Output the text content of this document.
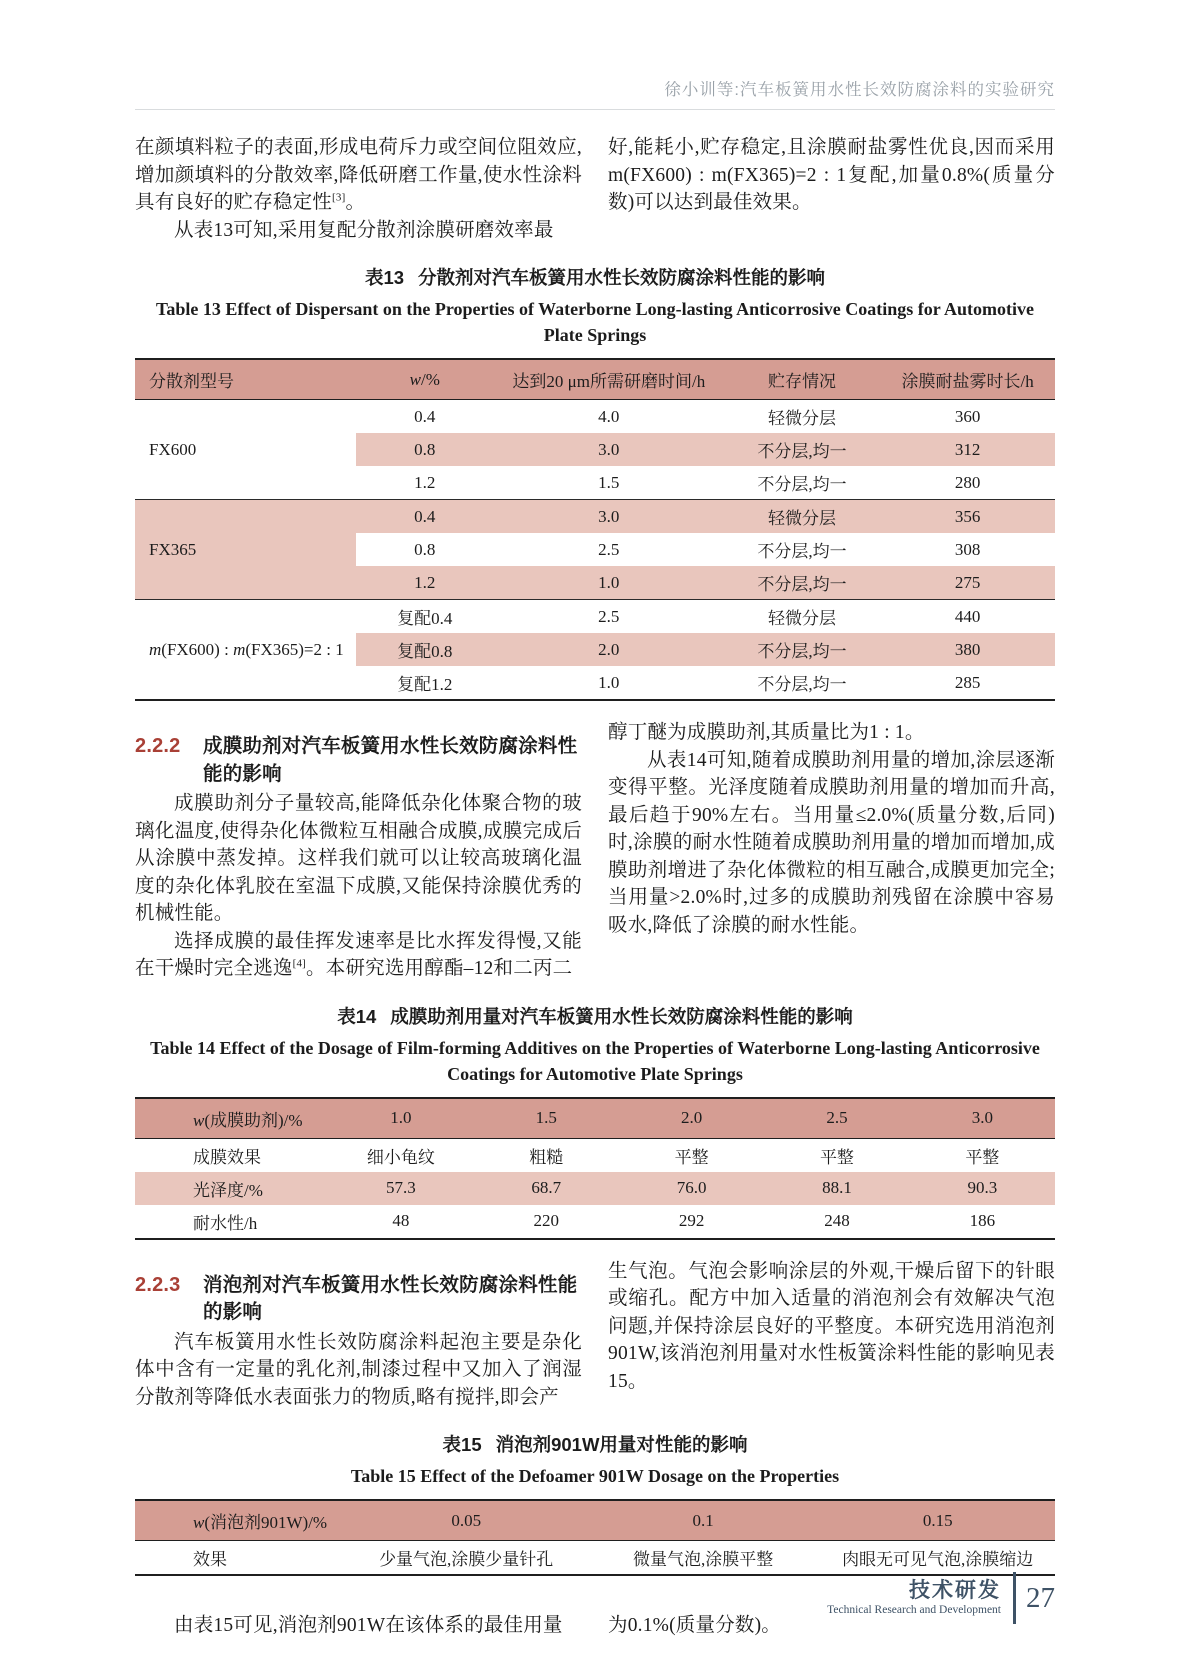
徐小训等:汽车板簧用水性长效防腐涂料的实验研究

在颜填料粒子的表面,形成电荷斥力或空间位阻效应,增加颜填料的分散效率,降低研磨工作量,使水性涂料具有良好的贮存稳定性[3]。

从表13可知,采用复配分散剂涂膜研磨效率最

好,能耗小,贮存稳定,且涂膜耐盐雾性优良,因而采用m(FX600) : m(FX365)=2 : 1复配,加量0.8%(质量分数)可以达到最佳效果。

表13 分散剂对汽车板簧用水性长效防腐涂料性能的影响

Table 13 Effect of Dispersant on the Properties of Waterborne Long-lasting Anticorrosive Coatings for Automotive Plate Springs

分散剂型号	w/%	达到20 μm所需研磨时间/h	贮存情况	涂膜耐盐雾时长/h
FX600	0.4	4.0	轻微分层	360
	0.8	3.0	不分层,均一	312
	1.2	1.5	不分层,均一	280
FX365	0.4	3.0	轻微分层	356
	0.8	2.5	不分层,均一	308
	1.2	1.0	不分层,均一	275
m(FX600) : m(FX365)=2 : 1	复配0.4	2.5	轻微分层	440
	复配0.8	2.0	不分层,均一	380
	复配1.2	1.0	不分层,均一	285
2.2.2 成膜助剂对汽车板簧用水性长效防腐涂料性能的影响

成膜助剂分子量较高,能降低杂化体聚合物的玻璃化温度,使得杂化体微粒互相融合成膜,成膜完成后从涂膜中蒸发掉。这样我们就可以让较高玻璃化温度的杂化体乳胶在室温下成膜,又能保持涂膜优秀的机械性能。

选择成膜的最佳挥发速率是比水挥发得慢,又能在干燥时完全逃逸[4]。本研究选用醇酯–12和二丙二

醇丁醚为成膜助剂,其质量比为1 : 1。

从表14可知,随着成膜助剂用量的增加,涂层逐渐变得平整。光泽度随着成膜助剂用量的增加而升高,最后趋于90%左右。当用量≤2.0%(质量分数,后同)时,涂膜的耐水性随着成膜助剂用量的增加而增加,成膜助剂增进了杂化体微粒的相互融合,成膜更加完全;当用量>2.0%时,过多的成膜助剂残留在涂膜中容易吸水,降低了涂膜的耐水性能。

表14 成膜助剂用量对汽车板簧用水性长效防腐涂料性能的影响

Table 14 Effect of the Dosage of Film-forming Additives on the Properties of Waterborne Long-lasting Anticorrosive Coatings for Automotive Plate Springs

w(成膜助剂)/%	1.0	1.5	2.0	2.5	3.0
成膜效果	细小龟纹	粗糙	平整	平整	平整
光泽度/%	57.3	68.7	76.0	88.1	90.3
耐水性/h	48	220	292	248	186
2.2.3 消泡剂对汽车板簧用水性长效防腐涂料性能的影响

汽车板簧用水性长效防腐涂料起泡主要是杂化体中含有一定量的乳化剂,制漆过程中又加入了润湿分散剂等降低水表面张力的物质,略有搅拌,即会产

生气泡。气泡会影响涂层的外观,干燥后留下的针眼或缩孔。配方中加入适量的消泡剂会有效解决气泡问题,并保持涂层良好的平整度。本研究选用消泡剂901W,该消泡剂用量对水性板簧涂料性能的影响见表15。

表15 消泡剂901W用量对性能的影响

Table 15 Effect of the Defoamer 901W Dosage on the Properties

w(消泡剂901W)/%	0.05	0.1	0.15
效果	少量气泡,涂膜少量针孔	微量气泡,涂膜平整	肉眼无可见气泡,涂膜缩边

由表15可见,消泡剂901W在该体系的最佳用量	为0.1%(质量分数)。

技术研发
Technical Research and Development 27
